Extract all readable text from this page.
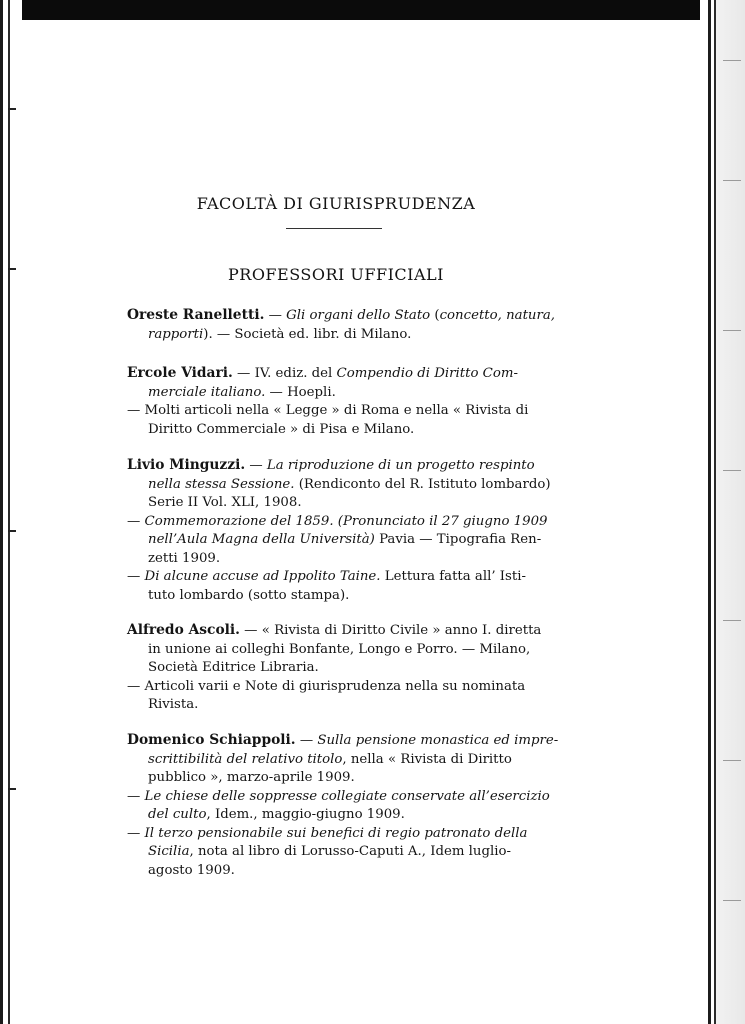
FACOLTÀ DI GIURISPRUDENZA
PROFESSORI UFFICIALI
Oreste Ranelletti. — Gli organi dello Stato (concetto, natura,
rapporti). — Società ed. libr. di Milano.
Ercole Vidari. — IV. ediz. del Compendio di Diritto Com-
merciale italiano. — Hoepli.
— Molti articoli nella « Legge » di Roma e nella « Rivista di
Diritto Commerciale » di Pisa e Milano.
Livio Minguzzi. — La riproduzione di un progetto respinto
nella stessa Sessione. (Rendiconto del R. Istituto lombardo)
Serie II Vol. XLI, 1908.
— Commemorazione del 1859. (Pronunciato il 27 giugno 1909
nell’Aula Magna della Università) Pavia — Tipografia Ren-
zetti 1909.
— Di alcune accuse ad Ippolito Taine. Lettura fatta all’ Isti-
tuto lombardo (sotto stampa).
Alfredo Ascoli. — « Rivista di Diritto Civile » anno I. diretta
in unione ai colleghi Bonfante, Longo e Porro. — Milano,
Società Editrice Libraria.
— Articoli varii e Note di giurisprudenza nella su nominata
Rivista.
Domenico Schiappoli. — Sulla pensione monastica ed impre-
scrittibilità del relativo titolo, nella « Rivista di Diritto
pubblico », marzo-aprile 1909.
— Le chiese delle soppresse collegiate conservate all’esercizio
del culto, Idem., maggio-giugno 1909.
— Il terzo pensionabile sui benefici di regio patronato della
Sicilia, nota al libro di Lorusso-Caputi A., Idem luglio-
agosto 1909.
